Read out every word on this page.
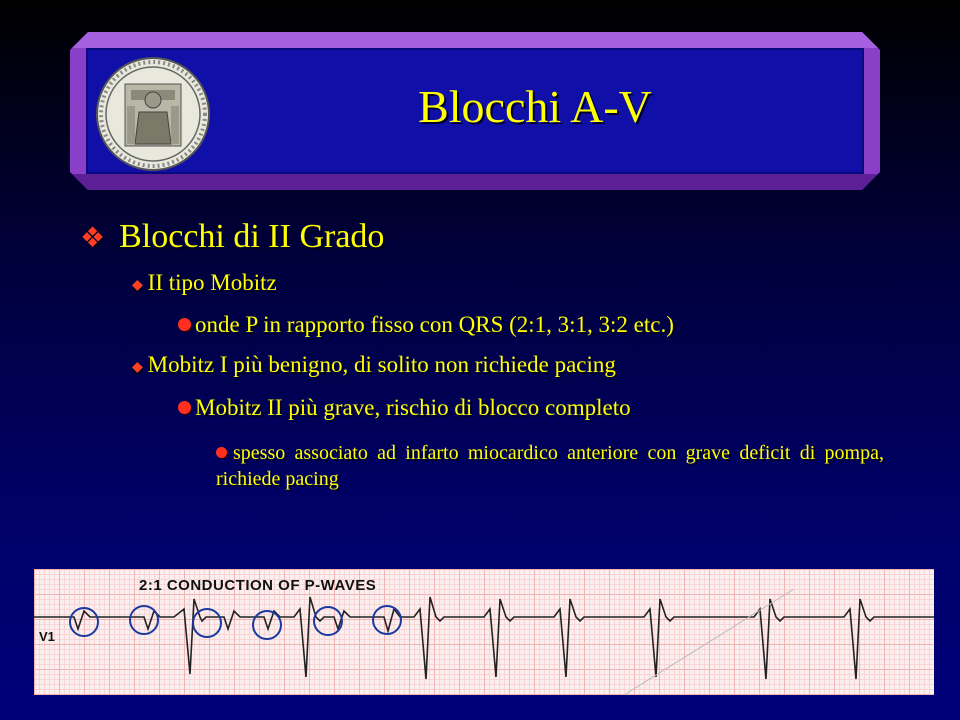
Blocchi A-V
❖ Blocchi di II Grado
■II tipo Mobitz
onde P in rapporto fisso con QRS (2:1, 3:1, 3:2 etc.)
■Mobitz I più benigno, di solito non richiede pacing
Mobitz II più grave, rischio di blocco completo
spesso associato ad infarto miocardico anteriore con grave deficit di pompa, richiede pacing
2:1 CONDUCTION OF P-WAVES
V1
